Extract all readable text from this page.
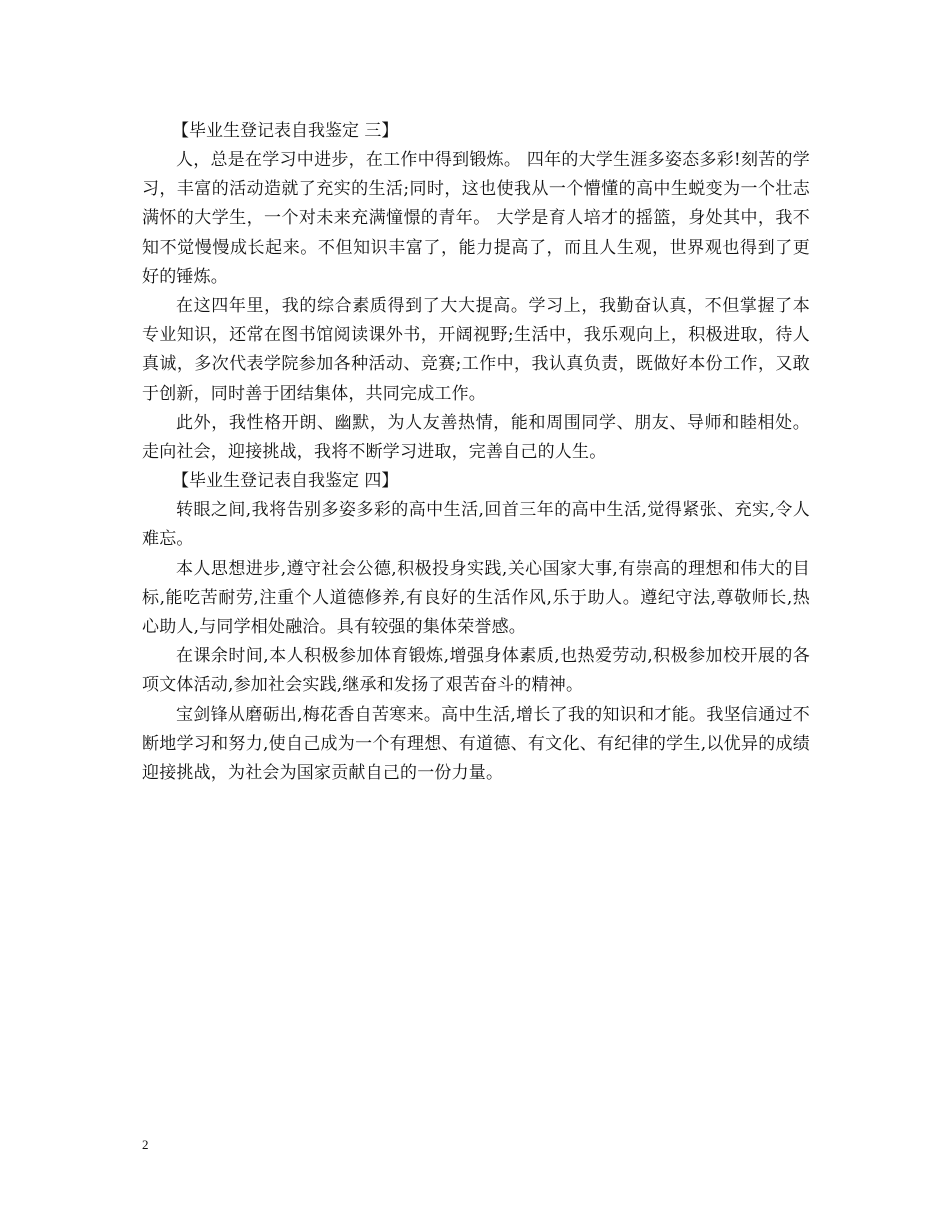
【毕业生登记表自我鉴定 三】

人，总是在学习中进步，在工作中得到锻炼。 四年的大学生涯多姿态多彩!刻苦的学习，丰富的活动造就了充实的生活;同时，这也使我从一个懵懂的高中生蜕变为一个壮志满怀的大学生，一个对未来充满憧憬的青年。 大学是育人培才的摇篮，身处其中，我不知不觉慢慢成长起来。不但知识丰富了，能力提高了，而且人生观，世界观也得到了更好的锤炼。

在这四年里，我的综合素质得到了大大提高。学习上，我勤奋认真，不但掌握了本专业知识，还常在图书馆阅读课外书，开阔视野;生活中，我乐观向上，积极进取，待人真诚，多次代表学院参加各种活动、竞赛;工作中，我认真负责，既做好本份工作，又敢于创新，同时善于团结集体，共同完成工作。

此外，我性格开朗、幽默，为人友善热情，能和周围同学、朋友、导师和睦相处。走向社会，迎接挑战，我将不断学习进取，完善自己的人生。

【毕业生登记表自我鉴定 四】

转眼之间,我将告别多姿多彩的高中生活,回首三年的高中生活,觉得紧张、充实,令人难忘。

本人思想进步,遵守社会公德,积极投身实践,关心国家大事,有崇高的理想和伟大的目标,能吃苦耐劳,注重个人道德修养,有良好的生活作风,乐于助人。遵纪守法,尊敬师长,热心助人,与同学相处融洽。具有较强的集体荣誉感。

在课余时间,本人积极参加体育锻炼,增强身体素质,也热爱劳动,积极参加校开展的各项文体活动,参加社会实践,继承和发扬了艰苦奋斗的精神。

宝剑锋从磨砺出,梅花香自苦寒来。高中生活,增长了我的知识和才能。我坚信通过不断地学习和努力,使自己成为一个有理想、有道德、有文化、有纪律的学生,以优异的成绩迎接挑战，为社会为国家贡献自己的一份力量。

2
